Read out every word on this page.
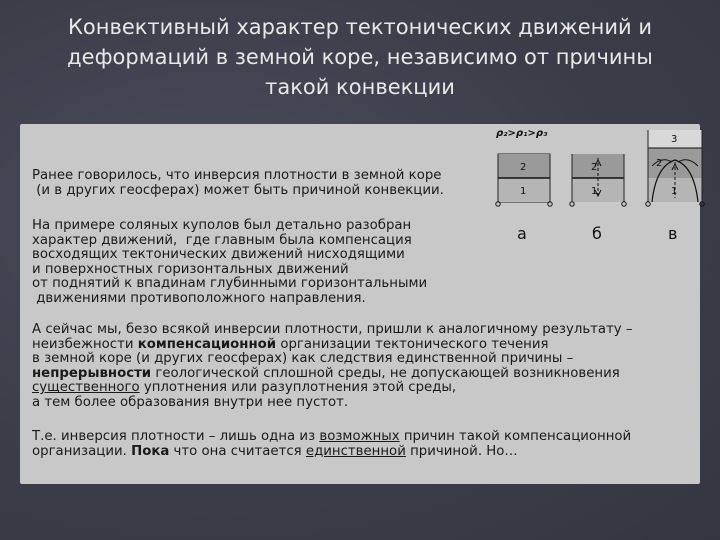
Конвективный характер тектонических движений и
деформаций в земной коре, независимо от причины
такой конвекции
ρ₂>ρ₁>ρ₃
2
1
а
2
1
б
3
2
1
в
Ранее говорилось, что инверсия плотности в земной коре
(и в других геосферах) может быть причиной конвекции.
На примере соляных куполов был детально разобран
характер движений,  где главным была компенсация
восходящих тектонических движений нисходящими
и поверхностных горизонтальных движений
от поднятий к впадинам глубинными горизонтальными
движениями противоположного направления.
А сейчас мы, безо всякой инверсии плотности, пришли к аналогичному результату –
неизбежности компенсационной организации тектонического течения
в земной коре (и других геосферах) как следствия единственной причины –
непрерывности геологической сплошной среды, не допускающей возникновения
существенного уплотнения или разуплотнения этой среды,
а тем более образования внутри нее пустот.
Т.е. инверсия плотности – лишь одна из возможных причин такой компенсационной
организации. Пока что она считается единственной причиной. Но…
